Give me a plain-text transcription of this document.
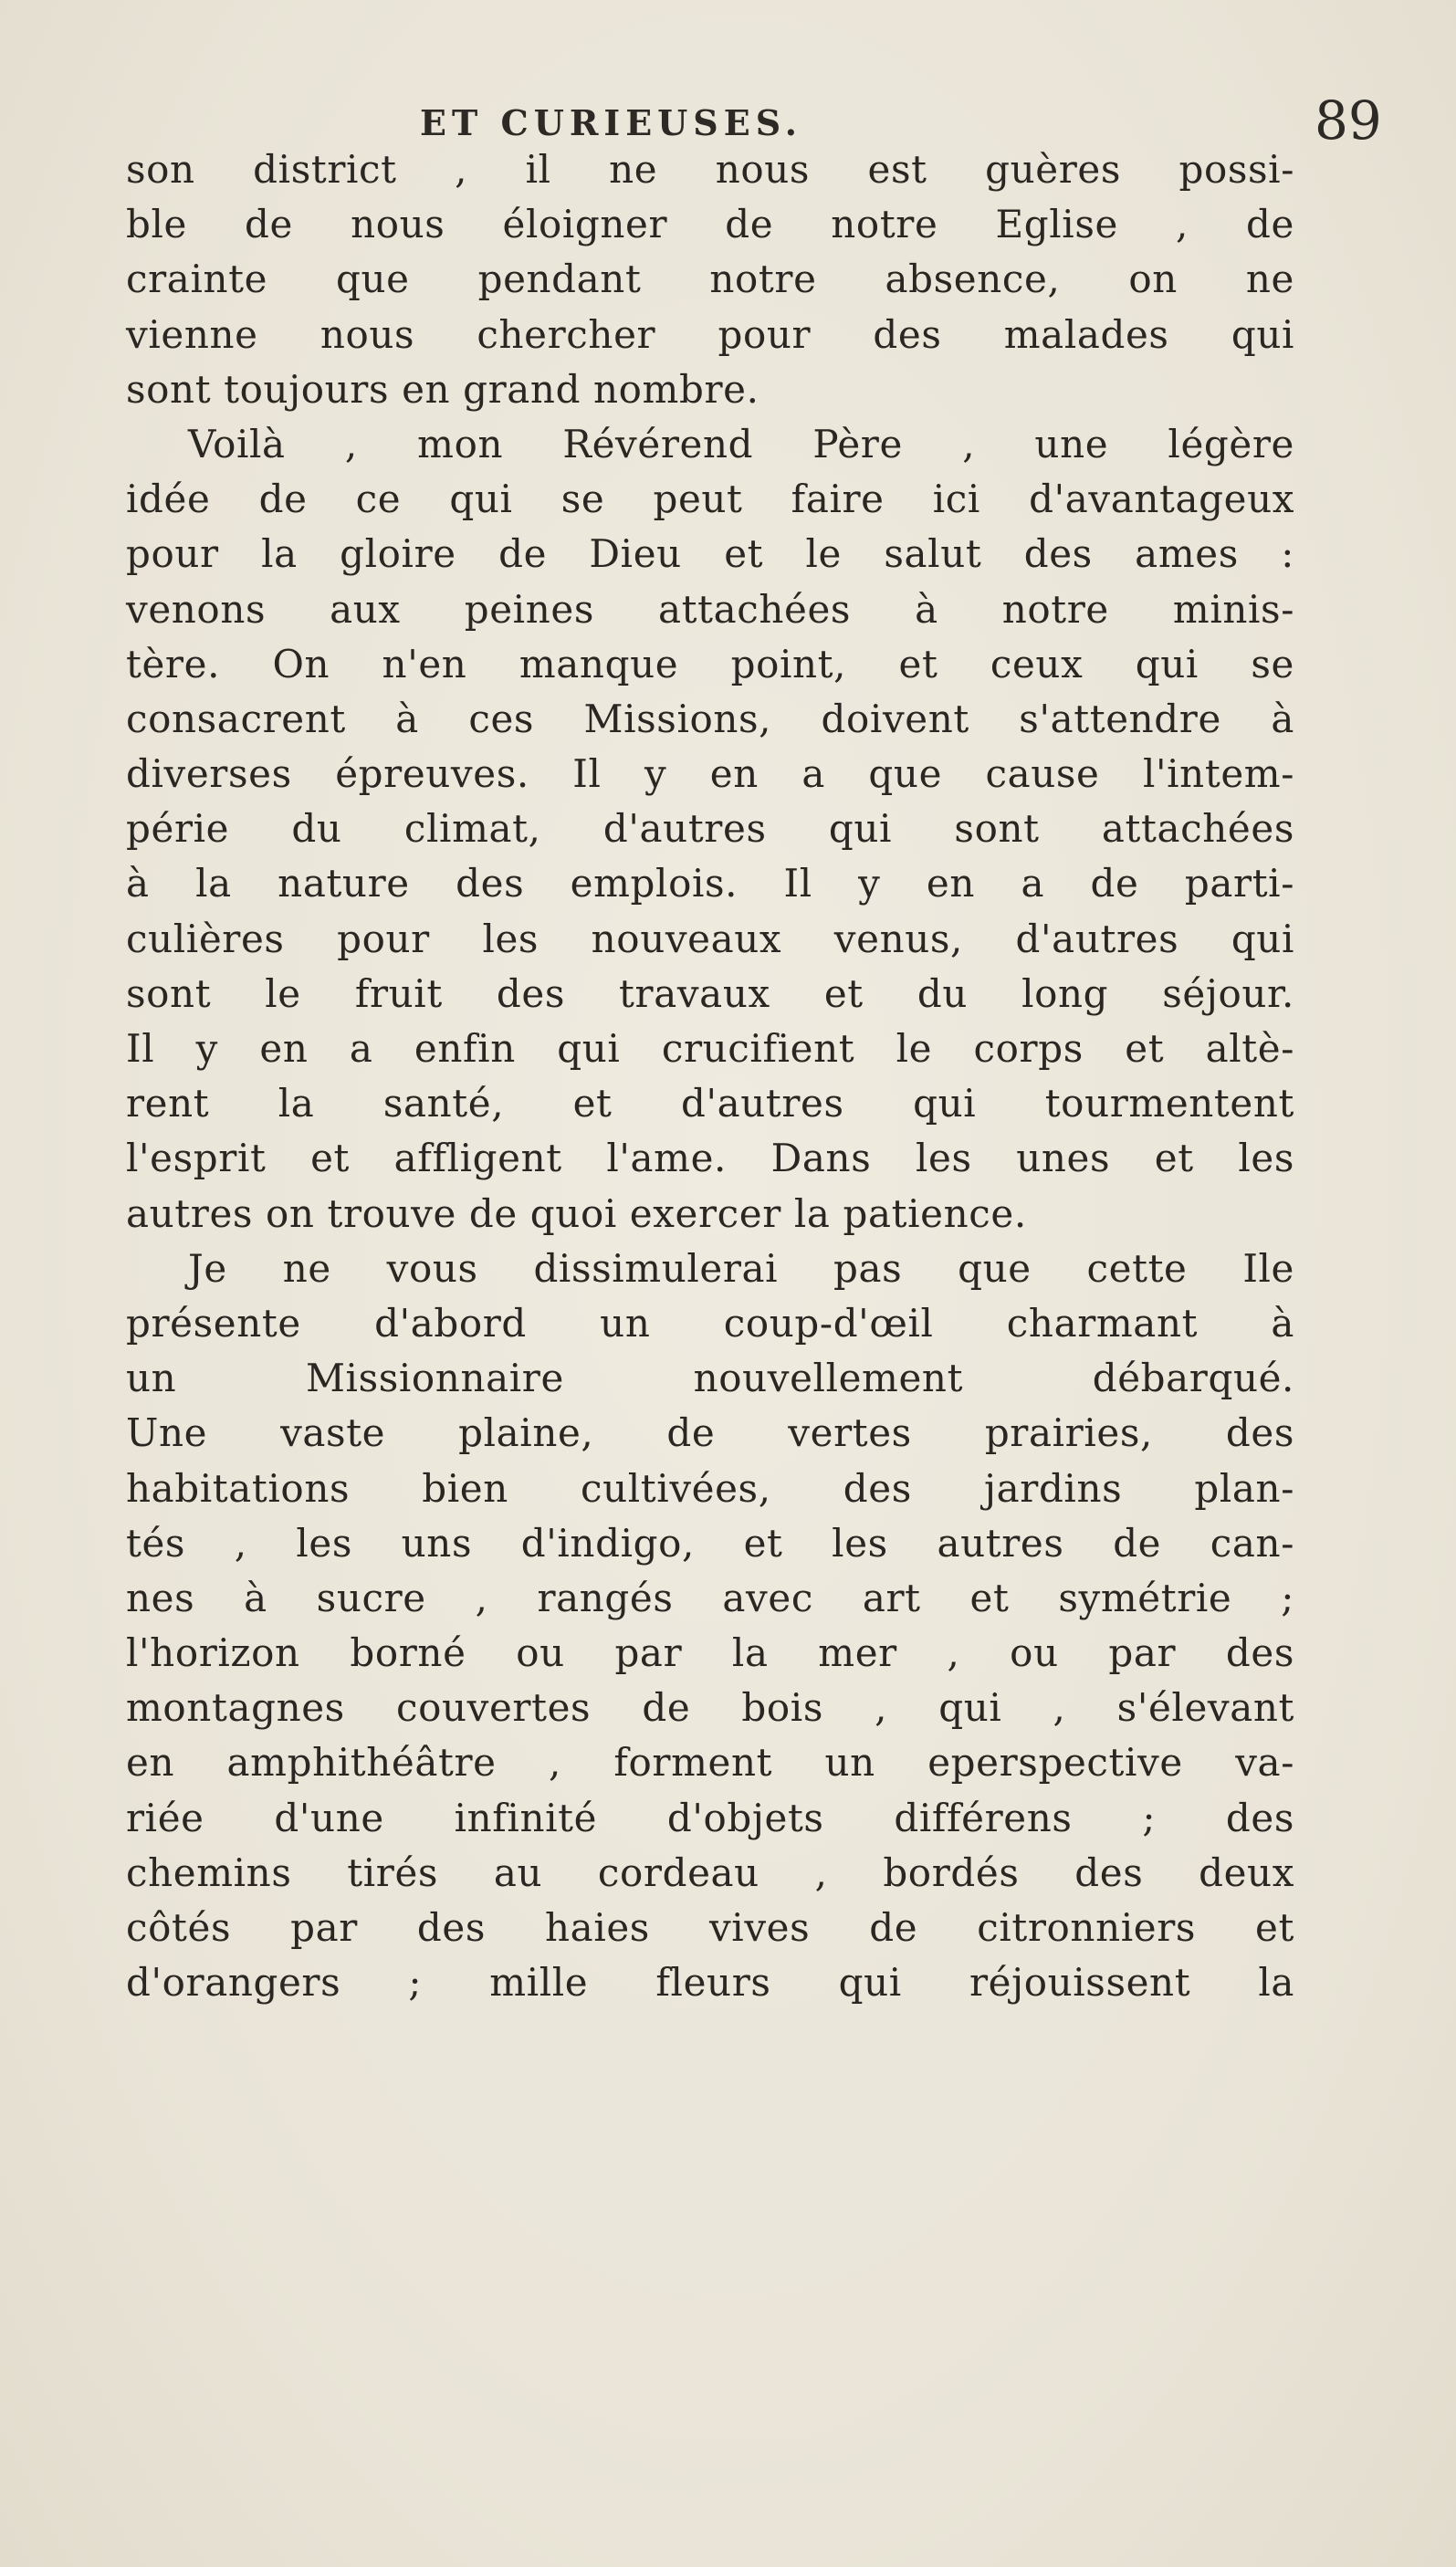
ET CURIEUSES.	89
son district , il ne nous est guères possi-
ble de nous éloigner de notre Eglise , de
crainte que pendant notre absence, on ne
vienne nous chercher pour des malades qui
sont toujours en grand nombre.
Voilà , mon Révérend Père , une légère
idée de ce qui se peut faire ici d'avantageux
pour la gloire de Dieu et le salut des ames :
venons aux peines attachées à notre minis-
tère. On n'en manque point, et ceux qui se
consacrent à ces Missions, doivent s'attendre à
diverses épreuves. Il y en a que cause l'intem-
périe du climat, d'autres qui sont attachées
à la nature des emplois. Il y en a de parti-
culières pour les nouveaux venus, d'autres qui
sont le fruit des travaux et du long séjour.
Il y en a enfin qui crucifient le corps et altè-
rent la santé, et d'autres qui tourmentent
l'esprit et affligent l'ame. Dans les unes et les
autres on trouve de quoi exercer la patience.
Je ne vous dissimulerai pas que cette Ile
présente d'abord un coup-d'œil charmant à
un Missionnaire nouvellement débarqué.
Une vaste plaine, de vertes prairies, des
habitations bien cultivées, des jardins plan-
tés , les uns d'indigo, et les autres de can-
nes à sucre , rangés avec art et symétrie ;
l'horizon borné ou par la mer , ou par des
montagnes couvertes de bois , qui , s'élevant
en amphithéâtre , forment un eperspective va-
riée d'une infinité d'objets différens ; des
chemins tirés au cordeau , bordés des deux
côtés par des haies vives de citronniers et
d'orangers ; mille fleurs qui réjouissent la
